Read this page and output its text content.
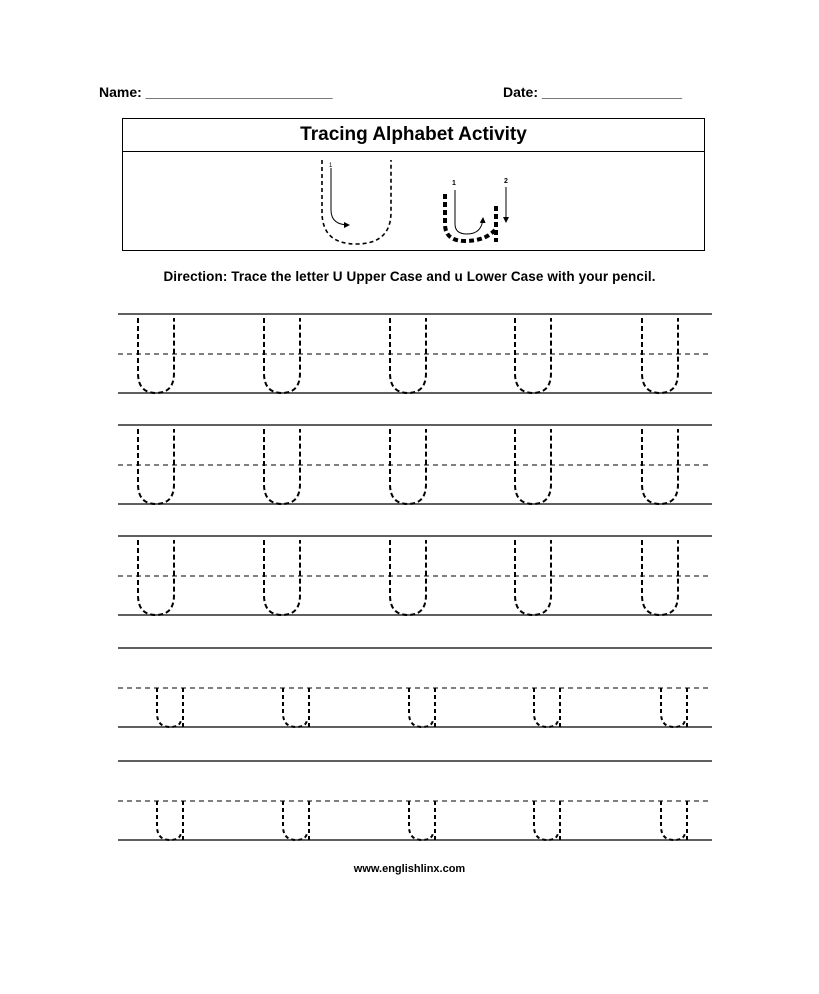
Name: ________________________	Date: __________________
Tracing Alphabet Activity
1
1	2
Direction: Trace the letter U Upper Case and u Lower Case with your pencil.
www.englishlinx.com
